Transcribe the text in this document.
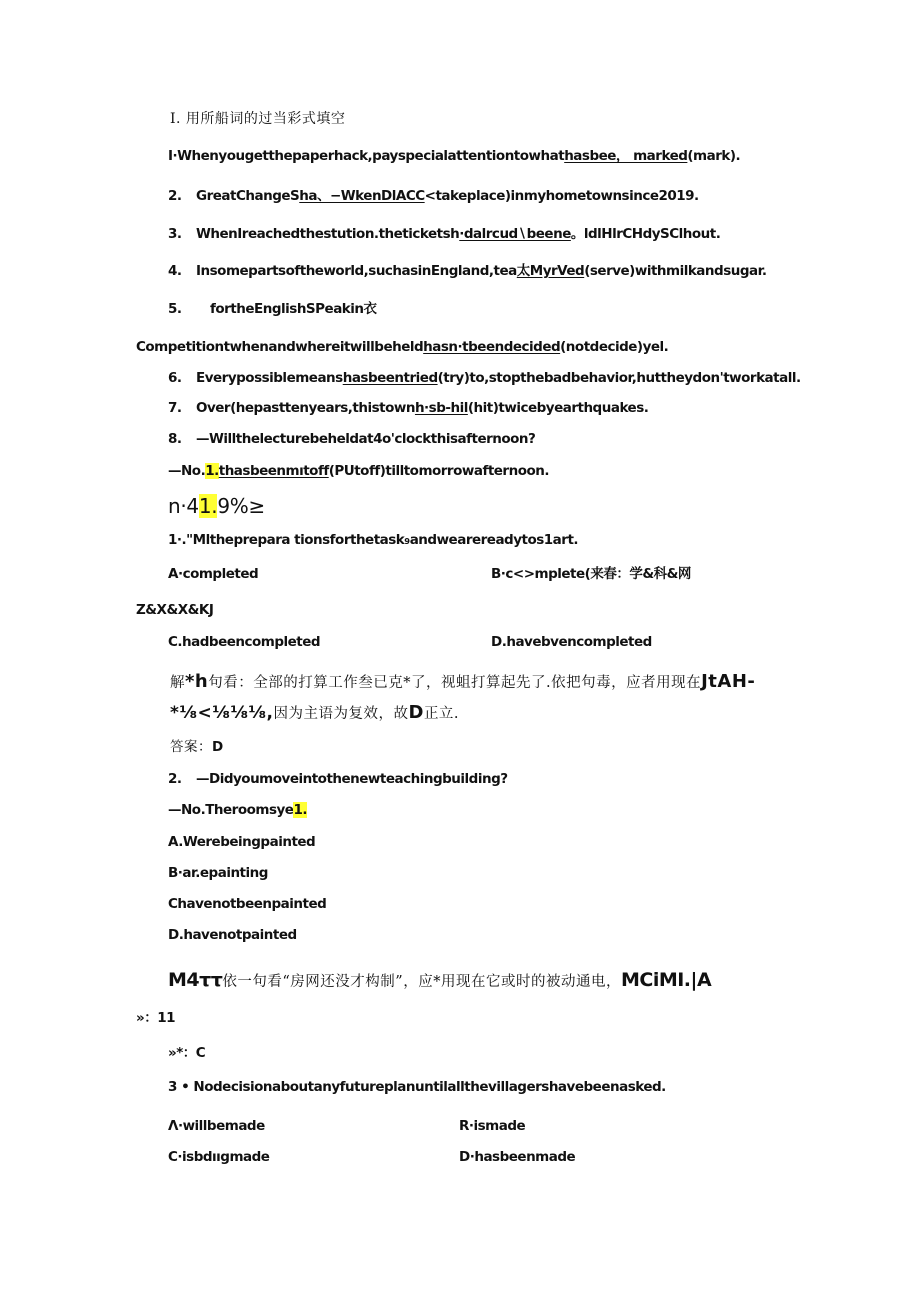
I. 用所船词的过当彩式填空
I·Whenyougetthepaperhack,payspecialattentiontowhathasbee， marked(mark).
2. GreatChangeSha、−WkenDlACC<takeplace)inmyhometownsince2019.
3. WhenIreachedthestution.theticketsh·dalrcud∖beene。ldlHlrCHdySClhout.
4. Insomepartsoftheworld,suchasinEngland,tea太MyrVed(serve)withmilkandsugar.
5. fortheEnglishSPeakin衣
Competitiontwhenandwhereitwillbeheldhasn·tbeendecided(notdecide)yel.
6. Everypossiblemeanshasbeentried(try)to,stopthebadbehavior,huttheydon'tworkatall.
7. Over(hepasttenyears,thistownh·sb-hil(hit)twicebyearthquakes.
8. —Willthelecturebeheldat4o'clockthisafternoon?
—No.1.thasbeenmıtoff(PUtoff)tilltomorrowafternoon.
n·41.9%≥
1·."Mltheprepara tionsforthetask₉andwearereadytos1art.
A·completed	B·c<>mplete(来春：学&科&网
Z&X&X&KJ
C.hadbeencompleted	D.havebvencompleted
解*h句看：全部的打算工作叁已克*了，视蛆打算起先了.依把句毒，应者用现在JtAH-
*⅛<⅛⅛⅛,因为主语为复效，故D正立.
答案：D
2. —Didyoumoveintothenewteachingbuilding?
—No.Theroomsye1.
A.Werebeingpainted
B·ar.epainting
Chavenotbeenpainted
D.havenotpainted
M4ττ依一句看“房网还没才构制”，应*用现在它或时的被动通电，MCiMI.|A
»：11
»*：C
3 • Nodecisionaboutanyfutureplanuntilallthevillagershavebeenasked.
Λ·willbemade	R·ismade
C·isbdııgmade	D·hasbeenmade
